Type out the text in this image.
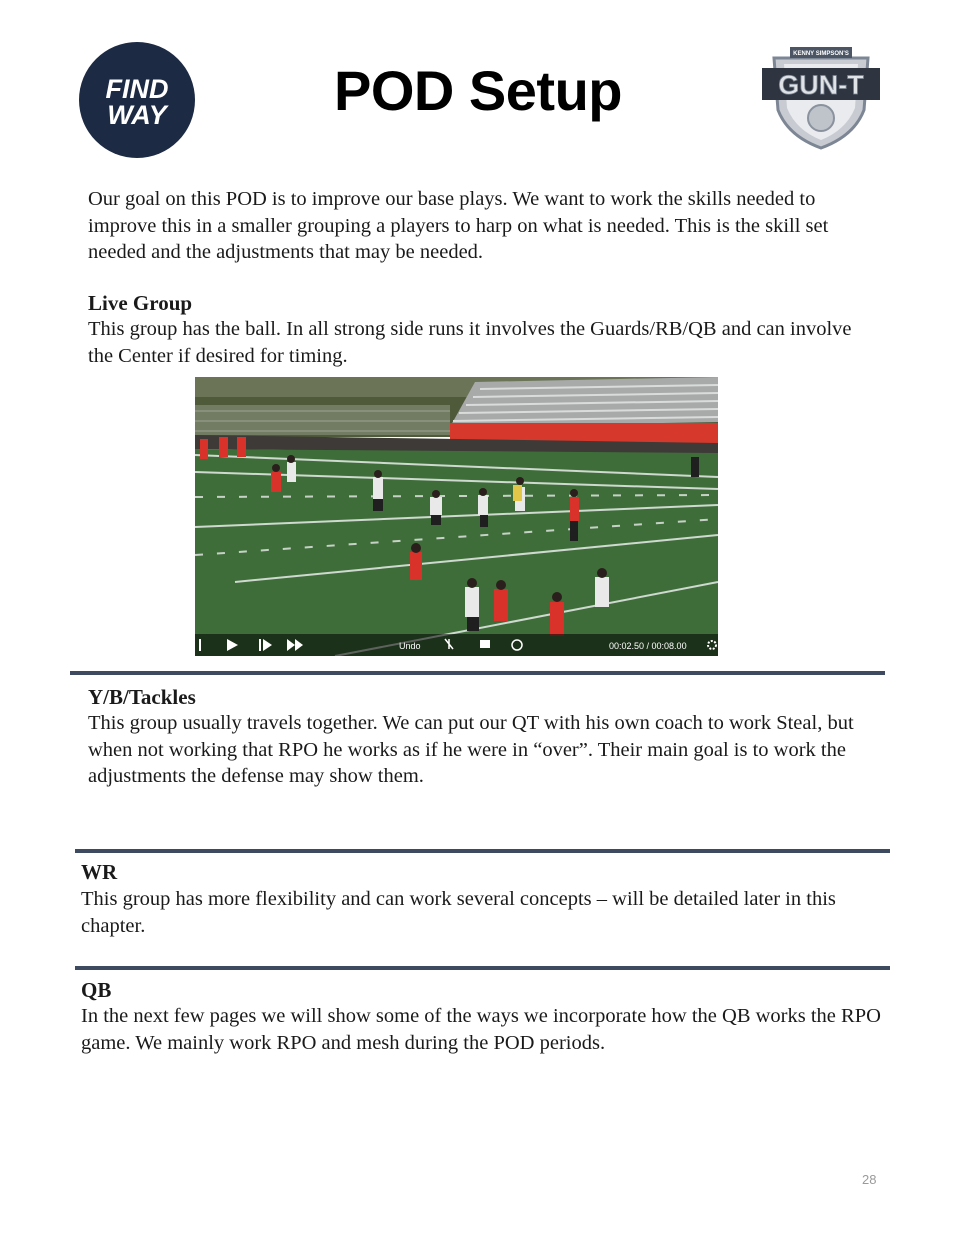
FIND
WAY	POD Setup
KENNY SIMPSON'S
GUN-T

Our goal on this POD is to improve our base plays. We want to work the skills needed to improve this in a smaller grouping a players to harp on what is needed. This is the skill set needed and the adjustments that may be needed.

Live Group

This group has the ball. In all strong side runs it involves the Guards/RB/QB and can involve the Center if desired for timing.

Undo	00:02.50 / 00:08.00
Y/B/Tackles

This group usually travels together. We can put our QT with his own coach to work Steal, but when not working that RPO he works as if he were in “over”. Their main goal is to work the adjustments the defense may show them.

WR

This group has more flexibility and can work several concepts – will be detailed later in this chapter.

QB

In the next few pages we will show some of the ways we incorporate how the QB works the RPO game. We mainly work RPO and mesh during the POD periods.

28
